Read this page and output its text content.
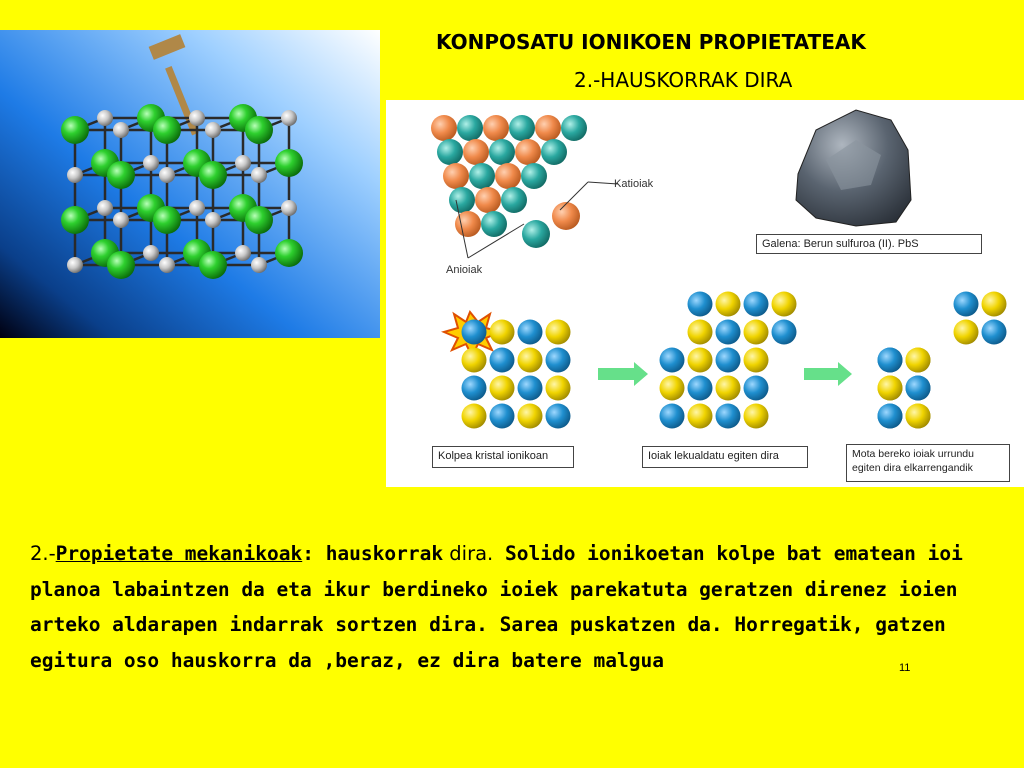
KONPOSATU IONIKOEN PROPIETATEAK
2.-HAUSKORRAK DIRA
Katioiak
Anioiak
Galena: Berun sulfuroa (II). PbS
Kolpea kristal ionikoan	Ioiak lekualdatu egiten dira	Mota bereko ioiak urrundu
egiten dira elkarrengandik
2.-Propietate mekanikoak: hauskorrak dira. Solido ionikoetan kolpe bat ematean ioi planoa labaintzen da eta ikur berdineko ioiek parekatuta geratzen direnez ioien arteko aldarapen indarrak sortzen dira. Sarea puskatzen da. Horregatik, gatzen egitura oso hauskorra da ,beraz, ez dira batere malgua	11
